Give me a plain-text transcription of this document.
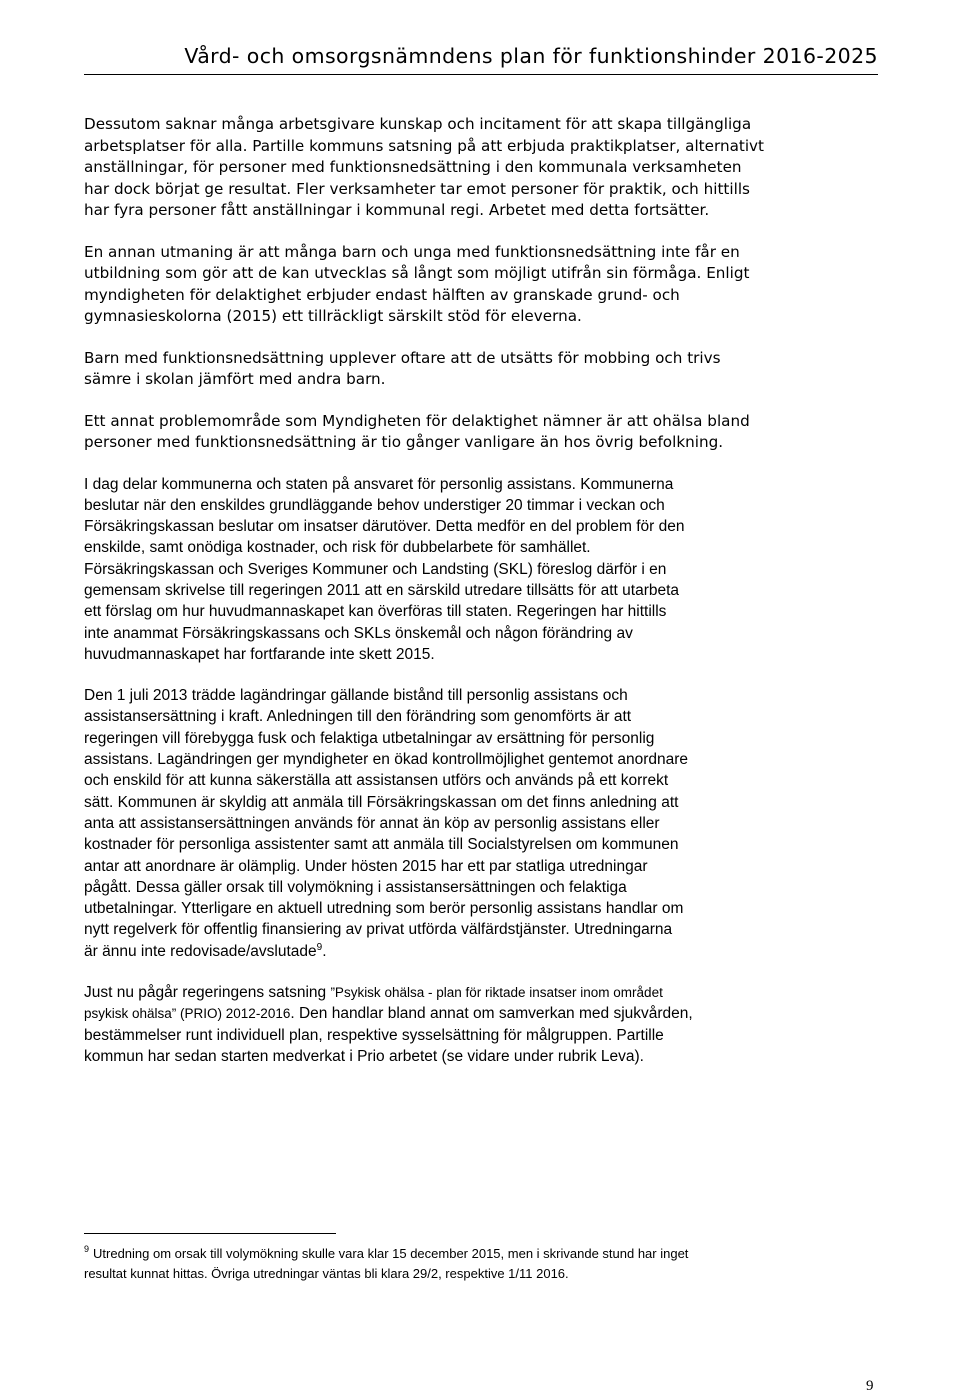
Vård- och omsorgsnämndens plan för funktionshinder 2016-2025

Dessutom saknar många arbetsgivare kunskap och incitament för att skapa tillgängliga
arbetsplatser för alla. Partille kommuns satsning på att erbjuda praktikplatser, alternativt
anställningar, för personer med funktionsnedsättning i den kommunala verksamheten
har dock börjat ge resultat. Fler verksamheter tar emot personer för praktik, och hittills
har fyra personer fått anställningar i kommunal regi. Arbetet med detta fortsätter.

En annan utmaning är att många barn och unga med funktionsnedsättning inte får en
utbildning som gör att de kan utvecklas så långt som möjligt utifrån sin förmåga. Enligt
myndigheten för delaktighet erbjuder endast hälften av granskade grund- och
gymnasieskolorna (2015) ett tillräckligt särskilt stöd för eleverna.

Barn med funktionsnedsättning upplever oftare att de utsätts för mobbing och trivs
sämre i skolan jämfört med andra barn.

Ett annat problemområde som Myndigheten för delaktighet nämner är att ohälsa bland
personer med funktionsnedsättning är tio gånger vanligare än hos övrig befolkning.

I dag delar kommunerna och staten på ansvaret för personlig assistans. Kommunerna
beslutar när den enskildes grundläggande behov understiger 20 timmar i veckan och
Försäkringskassan beslutar om insatser därutöver. Detta medför en del problem för den
enskilde, samt onödiga kostnader, och risk för dubbelarbete för samhället.
Försäkringskassan och Sveriges Kommuner och Landsting (SKL) föreslog därför i en
gemensam skrivelse till regeringen 2011 att en särskild utredare tillsätts för att utarbeta
ett förslag om hur huvudmannaskapet kan överföras till staten. Regeringen har hittills
inte anammat Försäkringskassans och SKLs önskemål och någon förändring av
huvudmannaskapet har fortfarande inte skett 2015.

Den 1 juli 2013 trädde lagändringar gällande bistånd till personlig assistans och
assistansersättning i kraft. Anledningen till den förändring som genomförts är att
regeringen vill förebygga fusk och felaktiga utbetalningar av ersättning för personlig
assistans. Lagändringen ger myndigheter en ökad kontrollmöjlighet gentemot anordnare
och enskild för att kunna säkerställa att assistansen utförs och används på ett korrekt
sätt. Kommunen är skyldig att anmäla till Försäkringskassan om det finns anledning att
anta att assistansersättningen används för annat än köp av personlig assistans eller
kostnader för personliga assistenter samt att anmäla till Socialstyrelsen om kommunen
antar att anordnare är olämplig. Under hösten 2015 har ett par statliga utredningar
pågått. Dessa gäller orsak till volymökning i assistansersättningen och felaktiga
utbetalningar. Ytterligare en aktuell utredning som berör personlig assistans handlar om
nytt regelverk för offentlig finansiering av privat utförda välfärdstjänster. Utredningarna
är ännu inte redovisade/avslutade$^9$.

Just nu pågår regeringens satsning ”Psykisk ohälsa - plan för riktade insatser inom området
psykisk ohälsa” (PRIO) 2012-2016. Den handlar bland annat om samverkan med sjukvården,
bestämmelser runt individuell plan, respektive sysselsättning för målgruppen. Partille
kommun har sedan starten medverkat i Prio arbetet (se vidare under rubrik Leva).

$^9$ Utredning om orsak till volymökning skulle vara klar 15 december 2015, men i skrivande stund har inget
resultat kunnat hittas. Övriga utredningar väntas bli klara 29/2, respektive 1/11 2016.
9
